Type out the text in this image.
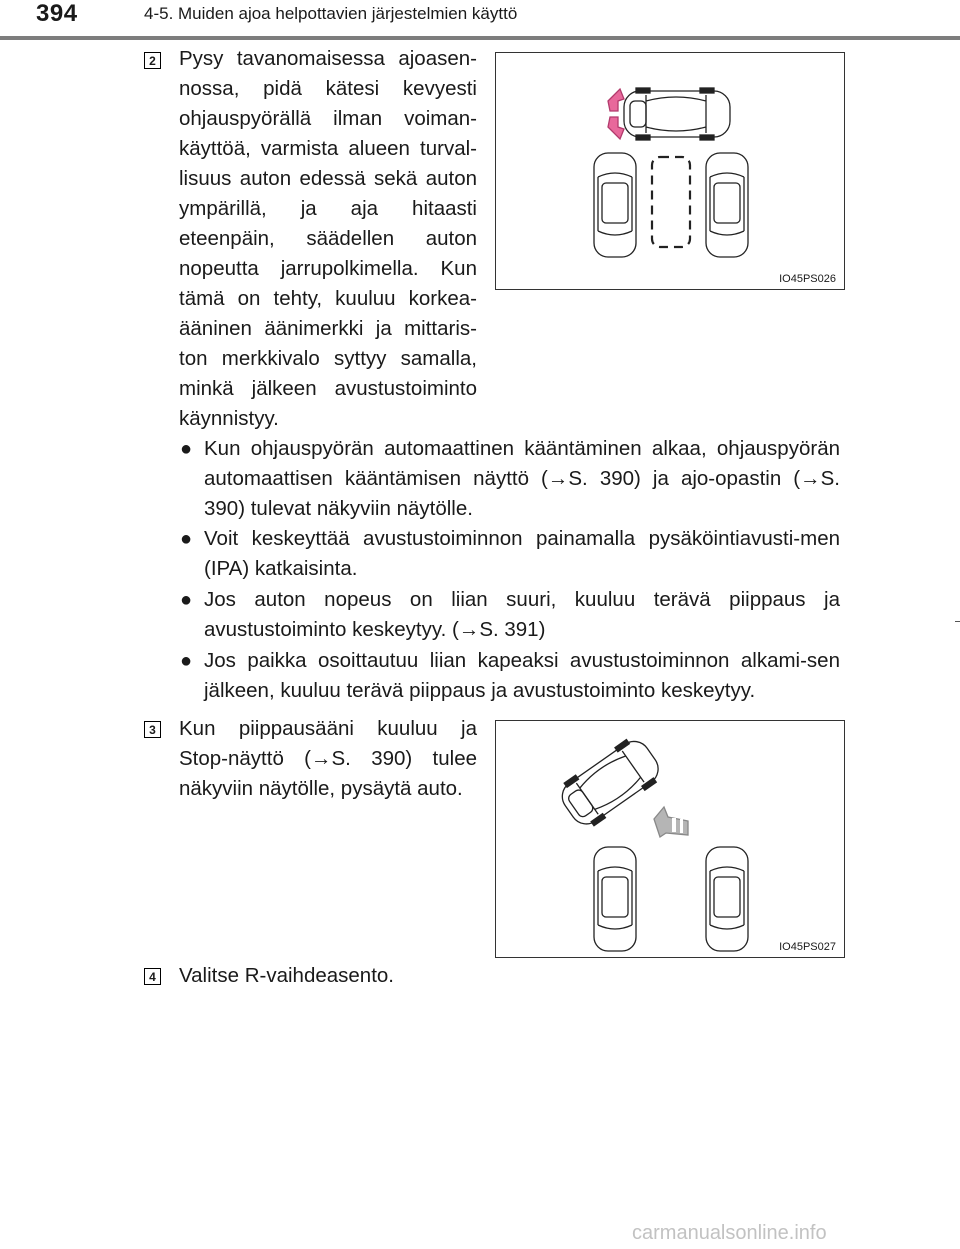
394	4-5. Muiden ajoa helpottavien järjestelmien käyttö
2 Pysy tavanomaisessa ajoasen-nossa, pidä kätesi kevyesti ohjauspyörällä ilman voiman-käyttöä, varmista alueen turval-lisuus auton edessä sekä auton ympärillä, ja aja hitaasti eteenpäin, säädellen auton nopeutta jarrupolkimella. Kun tämä on tehty, kuuluu korkea-ääninen äänimerkki ja mittaris-ton merkkivalo syttyy samalla, minkä jälkeen avustustoiminto käynnistyy.
IO45PS026
● Kun ohjauspyörän automaattinen kääntäminen alkaa, ohjauspyörän automaattisen kääntämisen näyttö (→S. 390) ja ajo-opastin (→S. 390) tulevat näkyviin näytölle.
● Voit keskeyttää avustustoiminnon painamalla pysäköintiavusti-men (IPA) katkaisinta.
● Jos auton nopeus on liian suuri, kuuluu terävä piippaus ja avustustoiminto keskeytyy. (→S. 391)
● Jos paikka osoittautuu liian kapeaksi avustustoiminnon alkami-sen jälkeen, kuuluu terävä piippaus ja avustustoiminto keskeytyy.
3 Kun piippausääni kuuluu ja Stop-näyttö (→S. 390) tulee näkyviin näytölle, pysäytä auto.
IO45PS027
4 Valitse R-vaihdeasento.
carmanualsonline.info
